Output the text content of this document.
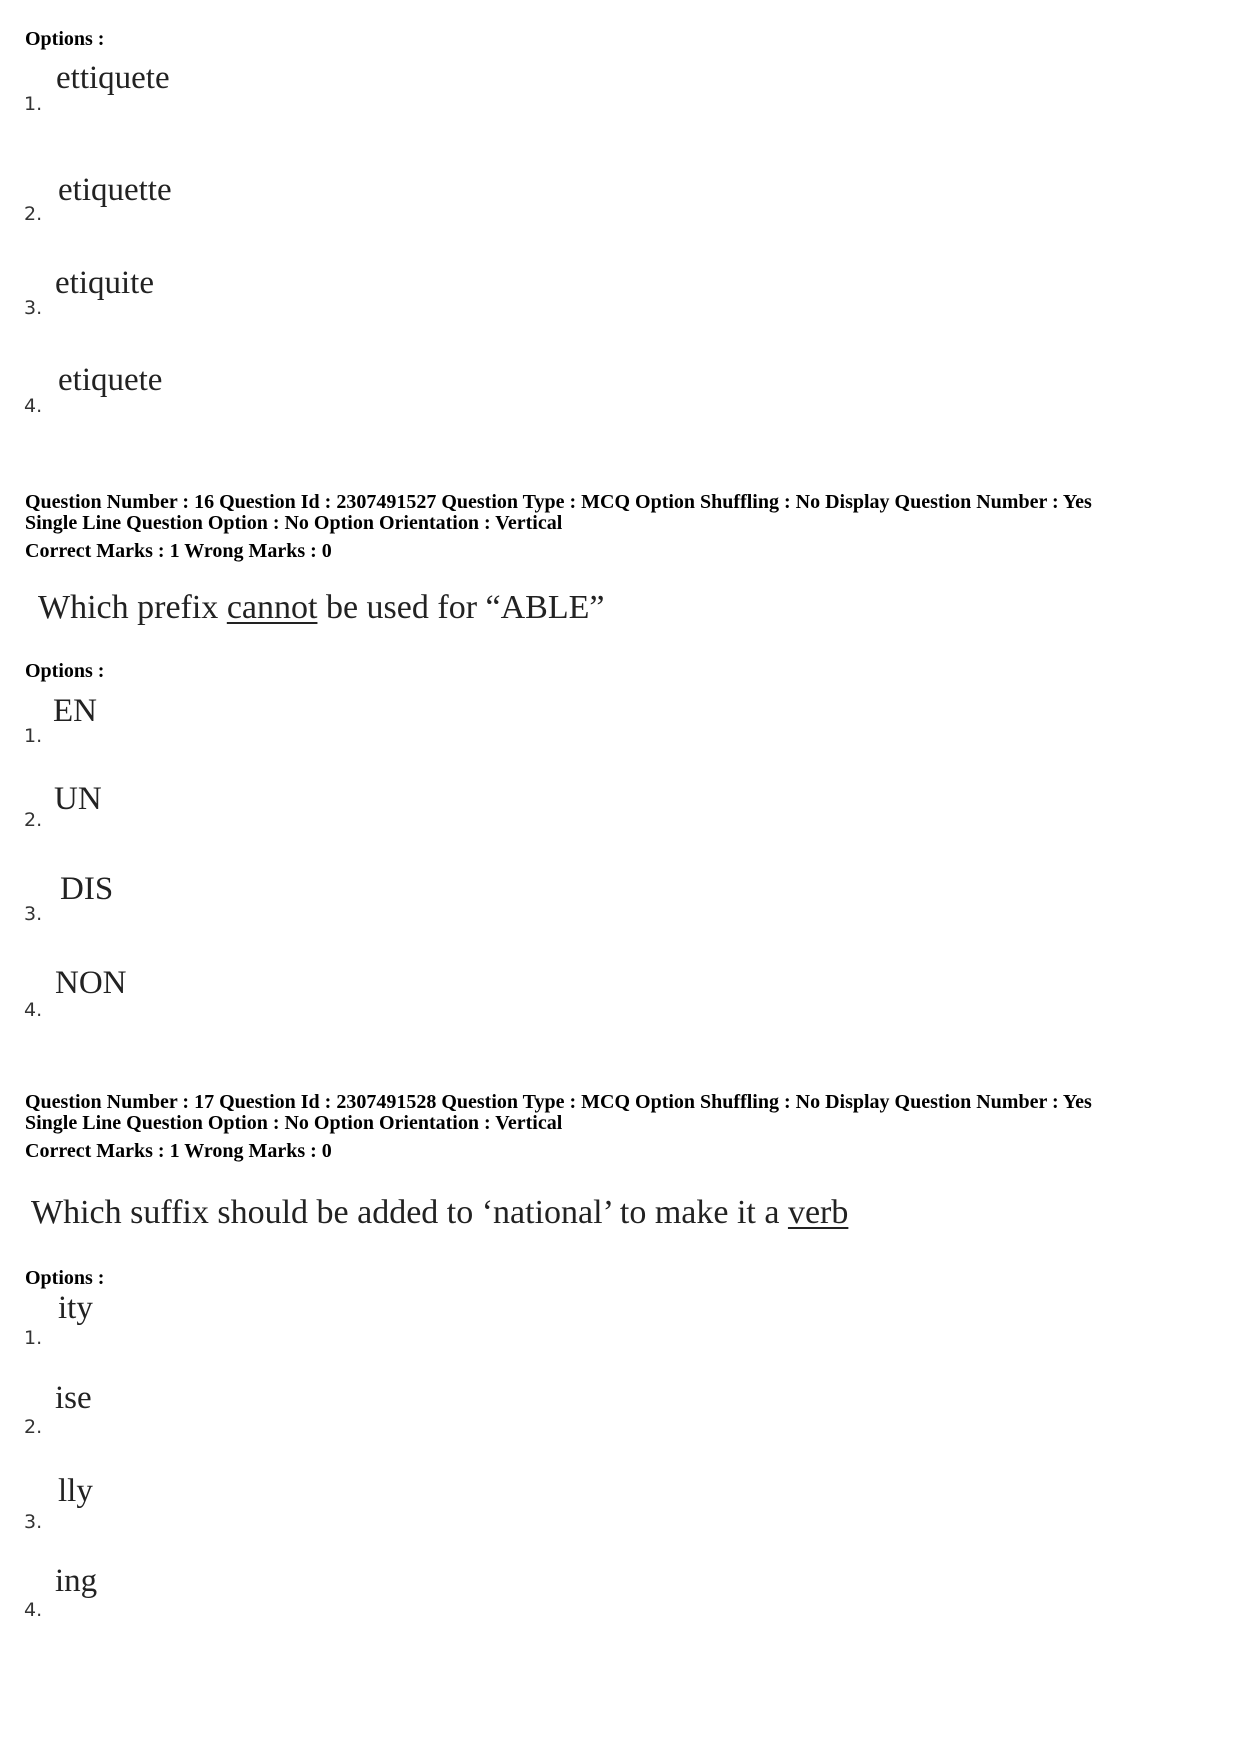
Options :
1.
ettiquete
2.
etiquette
3.
etiquite
4.
etiquete
Question Number : 16 Question Id : 2307491527 Question Type : MCQ Option Shuffling : No Display Question Number : Yes
Single Line Question Option : No Option Orientation : Vertical
Correct Marks : 1 Wrong Marks : 0
Which prefix cannot be used for “ABLE”
Options :
1.
EN
2.
UN
3.
DIS
4.
NON
Question Number : 17 Question Id : 2307491528 Question Type : MCQ Option Shuffling : No Display Question Number : Yes
Single Line Question Option : No Option Orientation : Vertical
Correct Marks : 1 Wrong Marks : 0
Which suffix should be added to ‘national’ to make it a verb
Options :
1.
ity
2.
ise
3.
lly
4.
ing
